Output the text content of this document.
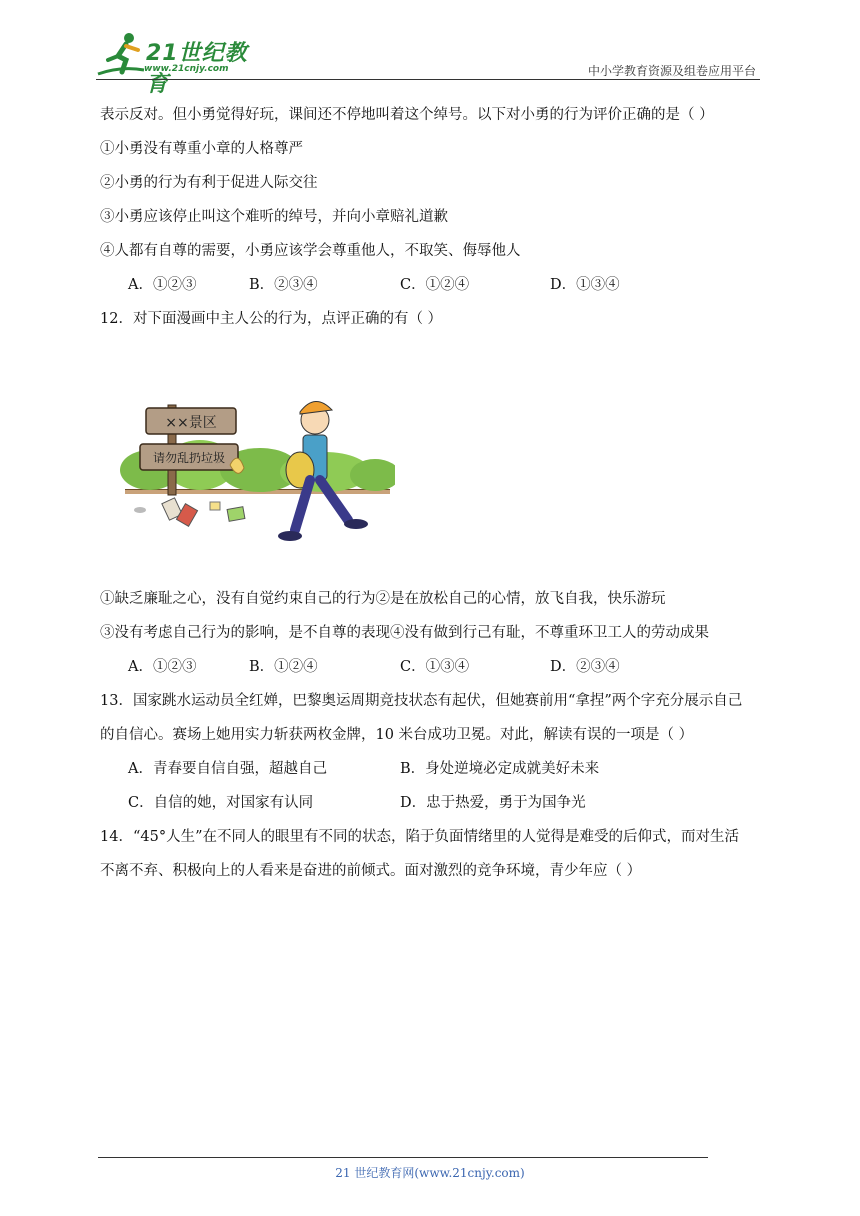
21世纪教育
www.21cnjy.com	中小学教育资源及组卷应用平台
表示反对。但小勇觉得好玩，课间还不停地叫着这个绰号。以下对小勇的行为评价正确的是（ ）
①小勇没有尊重小章的人格尊严
②小勇的行为有利于促进人际交往
③小勇应该停止叫这个难听的绰号，并向小章赔礼道歉
④人都有自尊的需要，小勇应该学会尊重他人，不取笑、侮辱他人
A．①②③	B．②③④	C．①②④	D．①③④
12．对下面漫画中主人公的行为，点评正确的有（ ）
××景区
请勿乱扔垃圾
①缺乏廉耻之心，没有自觉约束自己的行为②是在放松自己的心情，放飞自我，快乐游玩
③没有考虑自己行为的影响，是不自尊的表现④没有做到行己有耻，不尊重环卫工人的劳动成果
A．①②③	B．①②④	C．①③④	D．②③④
13．国家跳水运动员全红婵，巴黎奥运周期竞技状态有起伏，但她赛前用“拿捏”两个字充分展示自己
的自信心。赛场上她用实力斩获两枚金牌，10 米台成功卫冕。对此，解读有误的一项是（ ）
A．青春要自信自强，超越自己	B．身处逆境必定成就美好未来
C．自信的她，对国家有认同	D．忠于热爱，勇于为国争光
14．“45°人生”在不同人的眼里有不同的状态，陷于负面情绪里的人觉得是难受的后仰式，而对生活
不离不弃、积极向上的人看来是奋进的前倾式。面对激烈的竞争环境，青少年应（ ）
21 世纪教育网(www.21cnjy.com)
